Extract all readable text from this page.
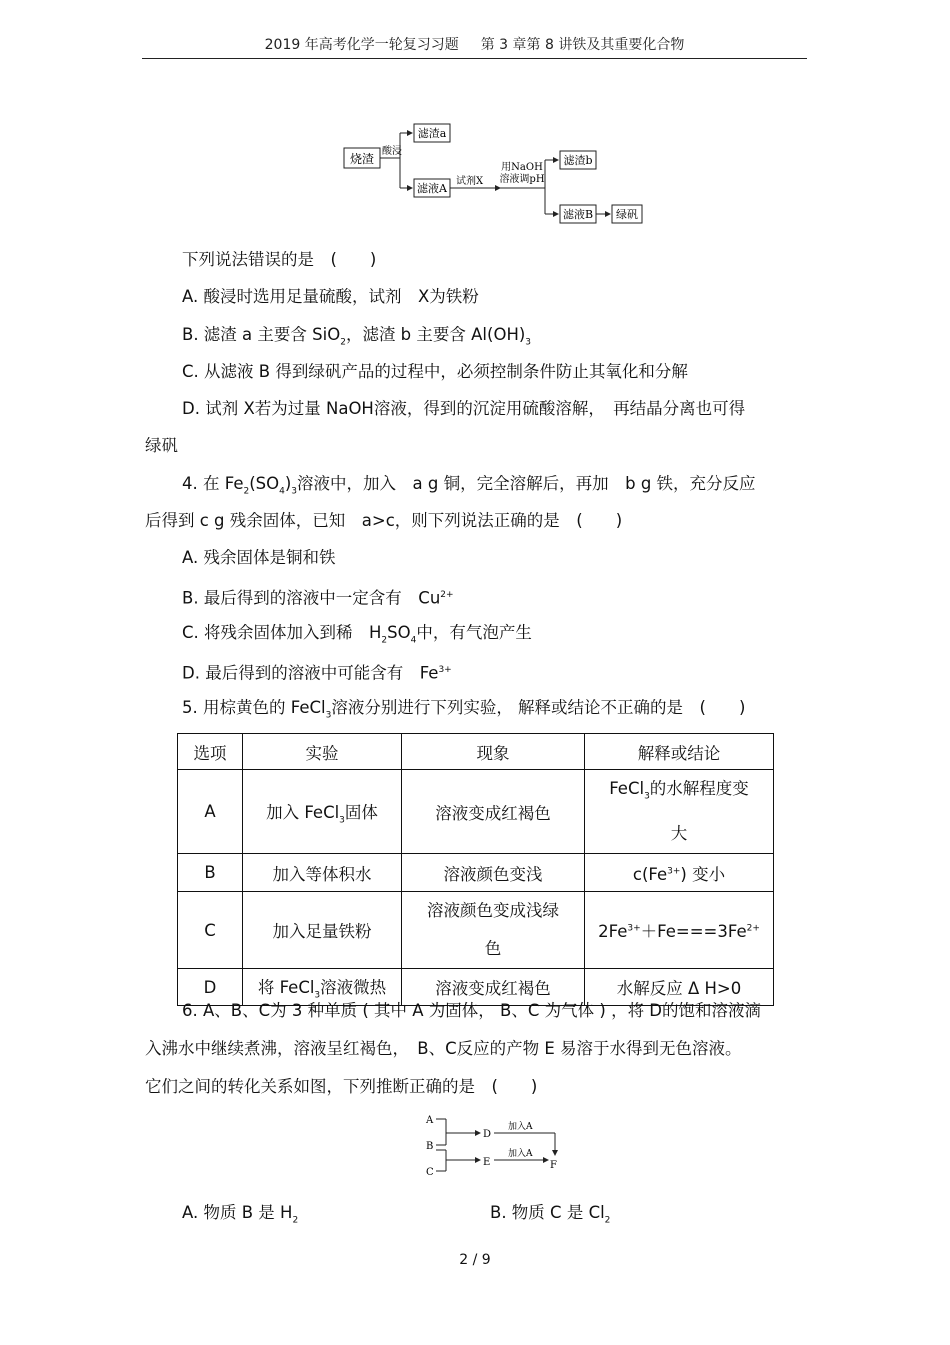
2019 年高考化学一轮复习习题 第 3 章第 8 讲铁及其重要化合物
烧渣
酸浸
滤渣a
滤液A
试剂X
用NaOH
溶液调pH
滤渣b
滤液B 绿矾
下列说法错误的是　(　　)
A. 酸浸时选用足量硫酸，试剂　X为铁粉
B. 滤渣 a 主要含 SiO$_2$，滤渣 b 主要含 $Al(OH)_3$
C. 从滤液 B 得到绿矾产品的过程中，必须控制条件防止其氧化和分解
D. 试剂 X若为过量 NaOH溶液，得到的沉淀用硫酸溶解，　再结晶分离也可得
绿矾
4. 在 $Fe_2(SO_4)_3$溶液中，加入　a g 铜，完全溶解后，再加　b g 铁，充分反应
后得到 c g 残余固体，已知　a>c，则下列说法正确的是　(　　)
A. 残余固体是铜和铁
B. 最后得到的溶液中一定含有　$Cu^{2+}$
C. 将残余固体加入到稀　$H_2SO_4$中，有气泡产生
D. 最后得到的溶液中可能含有　$Fe^{3+}$
5. 用棕黄色的 FeCl$_3$溶液分别进行下列实验， 解释或结论不正确的是　(　　)
选项	实验	现象	解释或结论
A	加入 FeCl$_3$固体	溶液变成红褐色	FeCl$_3$的水解程度变
大
B	加入等体积水	溶液颜色变浅	$c(Fe^{3+})$ 变小
C	加入足量铁粉	溶液颜色变成浅绿
色	$2Fe^{3+}+Fe===3Fe^{2+}$
D	将 FeCl$_3$溶液微热	溶液变成红褐色	水解反应 Δ H>0
6. A、B、C为 3 种单质 ( 其中 A 为固体， B、C 为气体 ) ，将 D的饱和溶液滴
入沸水中继续煮沸，溶液呈红褐色，　B、C反应的产物 E 易溶于水得到无色溶液。
它们之间的转化关系如图，下列推断正确的是　(　　)
A
B
C
D
E
加入A
加入A
F
A. 物质 B 是 $H_2$	B. 物质 C 是 $Cl_2$
2 / 9
